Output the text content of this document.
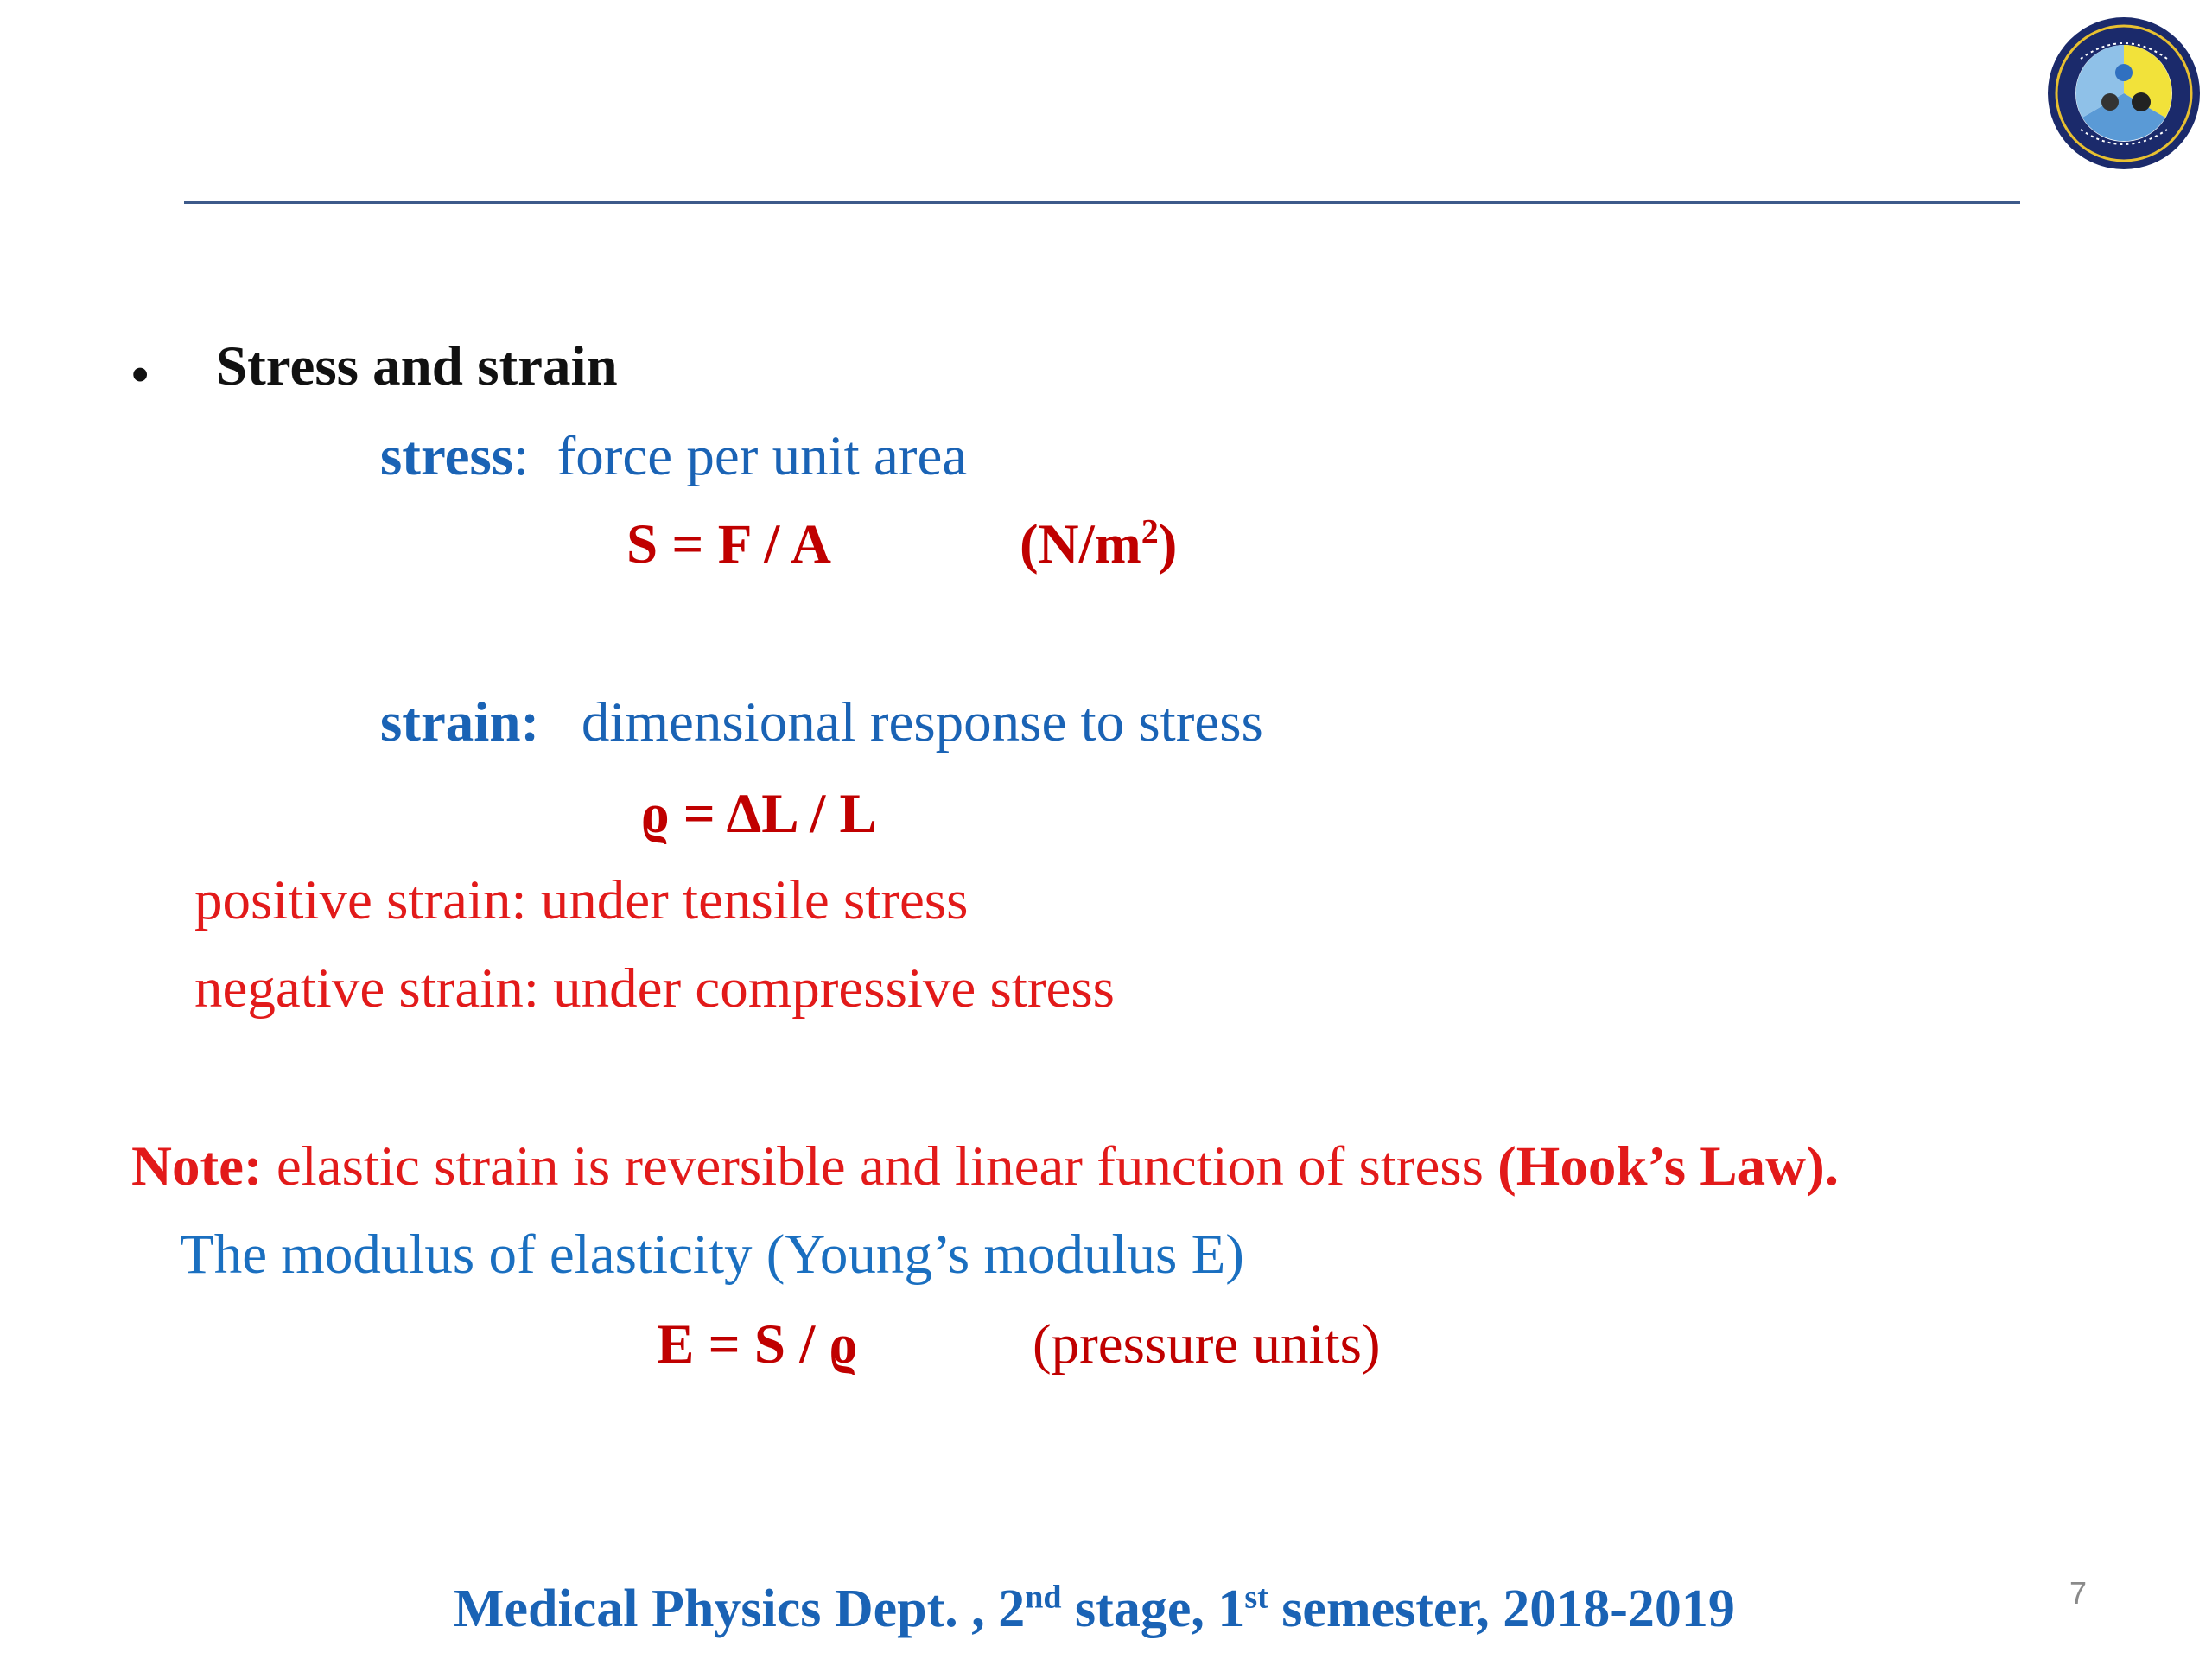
• Stress and strain
stress: force per unit area
S = F / A	$(N/m^2)$
strain: dimensional response to stress
ϱ = ΔL / L
positive strain: under tensile stress
negative strain: under compressive stress
Note: elastic strain is reversible and linear function of stress (Hook’s Law).
The modulus of elasticity (Young’s modulus E)
E = S / ϱ	(pressure units)
Medical Physics Dept. , 2nd stage, 1st semester, 2018-2019	7
